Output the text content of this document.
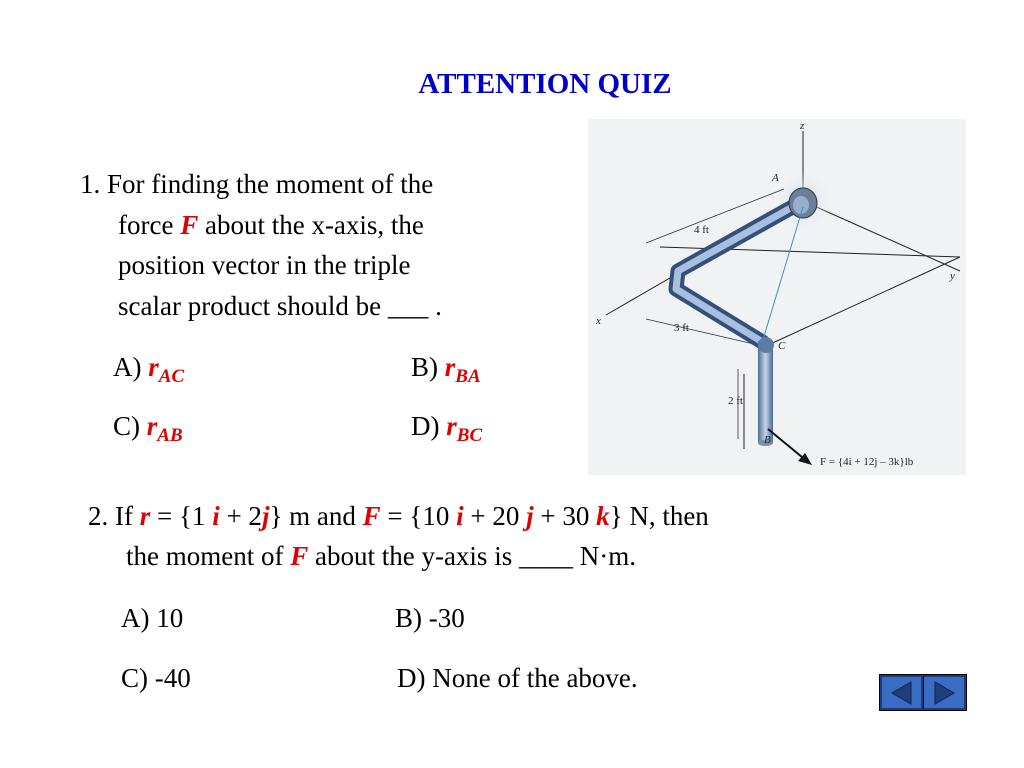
ATTENTION QUIZ
1. For finding the moment of the
force F about the x-axis, the
position vector in the triple
scalar product should be ___ .
A) $r_{AC}$	B) $r_{BA}$
C) $r_{AB}$	D) $r_{BC}$
z
y
x
A
C
B
4 ft
3 ft
2 ft
F = {4i + 12j – 3k}lb
2. If r = {1 i + 2j} m and F = {10 i + 20 j + 30 k} N, then
the moment of F about the y-axis is ____ N·m.
A) 10	B) -30
C) -40	D) None of the above.
